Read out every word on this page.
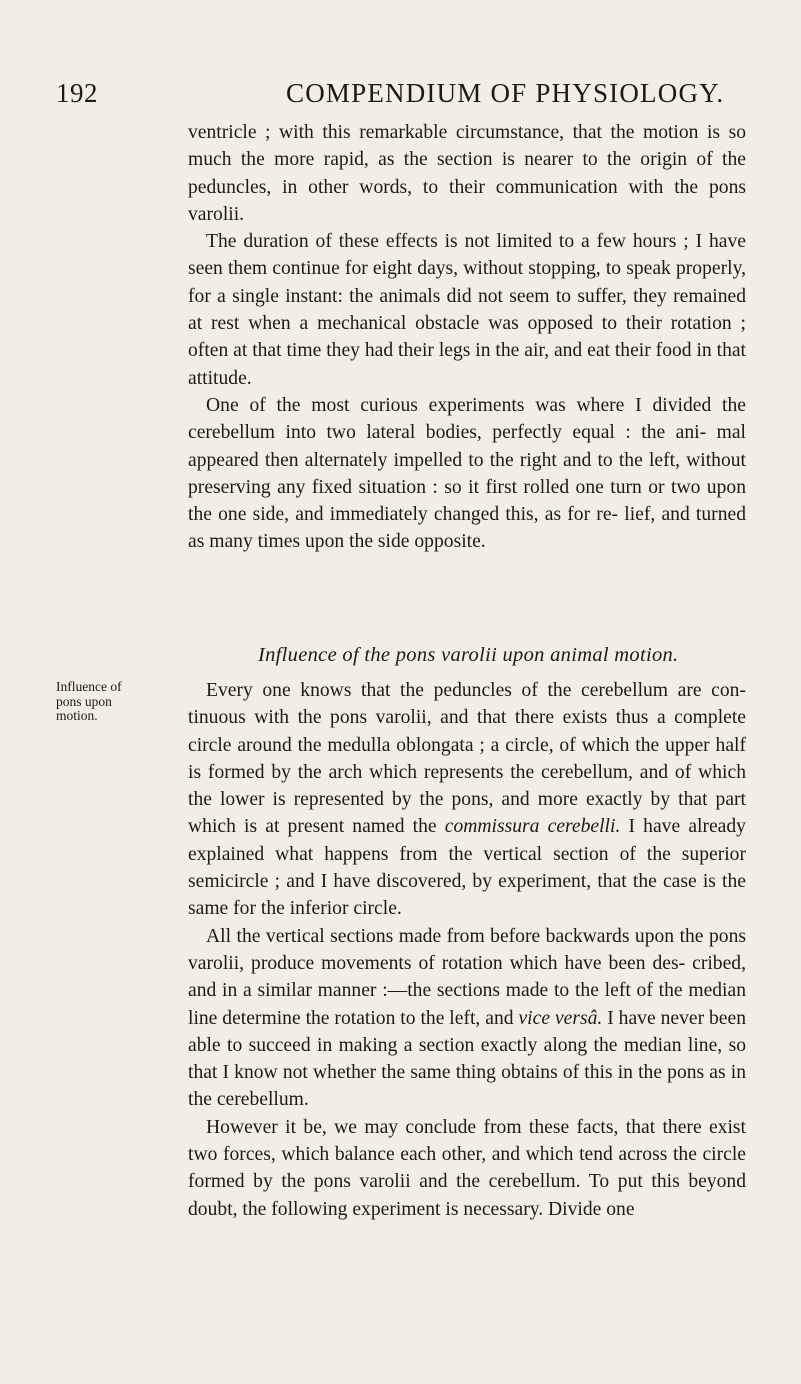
192	COMPENDIUM OF PHYSIOLOGY.

ventricle ; with this remarkable circumstance, that the motion is so much the more rapid, as the section is nearer to the origin of the peduncles, in other words, to their communication with the pons varolii.

The duration of these effects is not limited to a few hours ; I have seen them continue for eight days, without stopping, to speak properly, for a single instant: the animals did not seem to suffer, they remained at rest when a mechanical obstacle was opposed to their rotation ; often at that time they had their legs in the air, and eat their food in that attitude.

One of the most curious experiments was where I divided the cerebellum into two lateral bodies, perfectly equal : the ani- mal appeared then alternately impelled to the right and to the left, without preserving any fixed situation : so it first rolled one turn or two upon the one side, and immediately changed this, as for re- lief, and turned as many times upon the side opposite.

Influence of the pons varolii upon animal motion.
Influence of
pons upon
motion.

Every one knows that the peduncles of the cerebellum are con- tinuous with the pons varolii, and that there exists thus a complete circle around the medulla oblongata ; a circle, of which the upper half is formed by the arch which represents the cerebellum, and of which the lower is represented by the pons, and more exactly by that part which is at present named the commissura cerebelli. I have already explained what happens from the vertical section of the superior semicircle ; and I have discovered, by experiment, that the case is the same for the inferior circle.

All the vertical sections made from before backwards upon the pons varolii, produce movements of rotation which have been des- cribed, and in a similar manner :—the sections made to the left of the median line determine the rotation to the left, and vice versâ. I have never been able to succeed in making a section exactly along the median line, so that I know not whether the same thing obtains of this in the pons as in the cerebellum.

However it be, we may conclude from these facts, that there exist two forces, which balance each other, and which tend across the circle formed by the pons varolii and the cerebellum. To put this beyond doubt, the following experiment is necessary. Divide one
